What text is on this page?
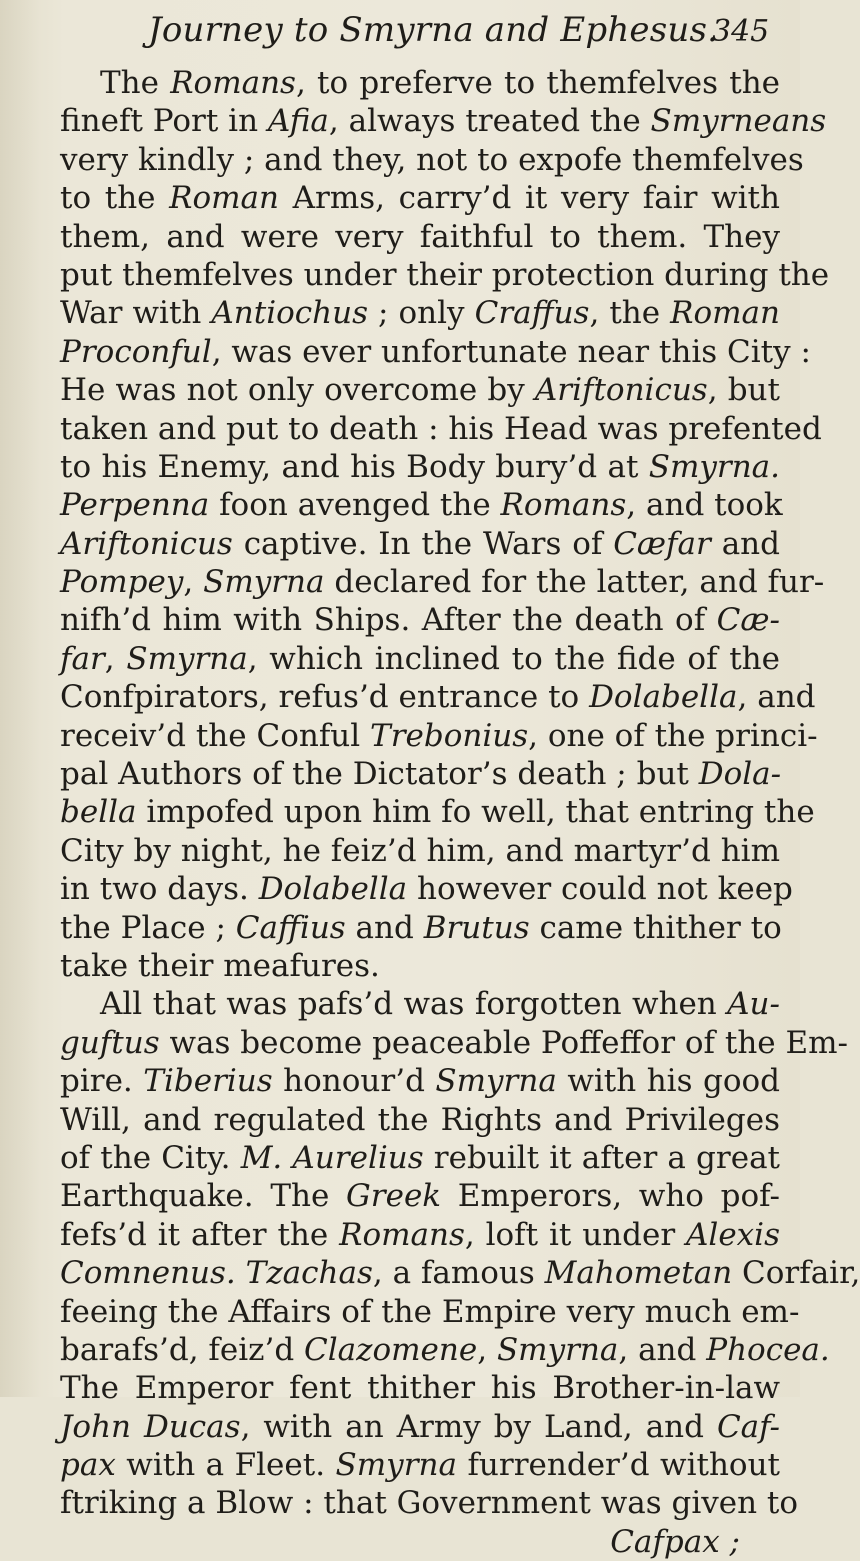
Journey to Smyrna and Ephesus.
345
The Romans, to preferve to themfelves the
fineft Port in Afia, always treated the Smyrneans
very kindly ; and they, not to expofe themfelves
to the Roman Arms, carry’d it very fair with
them, and were very faithful to them. They
put themfelves under their protection during the
War with Antiochus ; only Craffus, the Roman
Proconful, was ever unfortunate near this City :
He was not only overcome by Ariftonicus, but
taken and put to death : his Head was prefented
to his Enemy, and his Body bury’d at Smyrna.
Perpenna foon avenged the Romans, and took
Ariftonicus captive. In the Wars of Cæfar and
Pompey, Smyrna declared for the latter, and fur-
nifh’d him with Ships. After the death of Cæ-
far, Smyrna, which inclined to the fide of the
Confpirators, refus’d entrance to Dolabella, and
receiv’d the Conful Trebonius, one of the princi-
pal Authors of the Dictator’s death ; but Dola-
bella impofed upon him fo well, that entring the
City by night, he feiz’d him, and martyr’d him
in two days. Dolabella however could not keep
the Place ; Caffius and Brutus came thither to
take their meafures.
All that was pafs’d was forgotten when Au-
guftus was become peaceable Poffeffor of the Em-
pire. Tiberius honour’d Smyrna with his good
Will, and regulated the Rights and Privileges
of the City. M. Aurelius rebuilt it after a great
Earthquake. The Greek Emperors, who pof-
fefs’d it after the Romans, loft it under Alexis
Comnenus. Tzachas, a famous Mahometan Corfair,
feeing the Affairs of the Empire very much em-
barafs’d, feiz’d Clazomene, Smyrna, and Phocea.
The Emperor fent thither his Brother-in-law
John Ducas, with an Army by Land, and Caf-
pax with a Fleet. Smyrna furrender’d without
ftriking a Blow : that Government was given to
Cafpax ;
